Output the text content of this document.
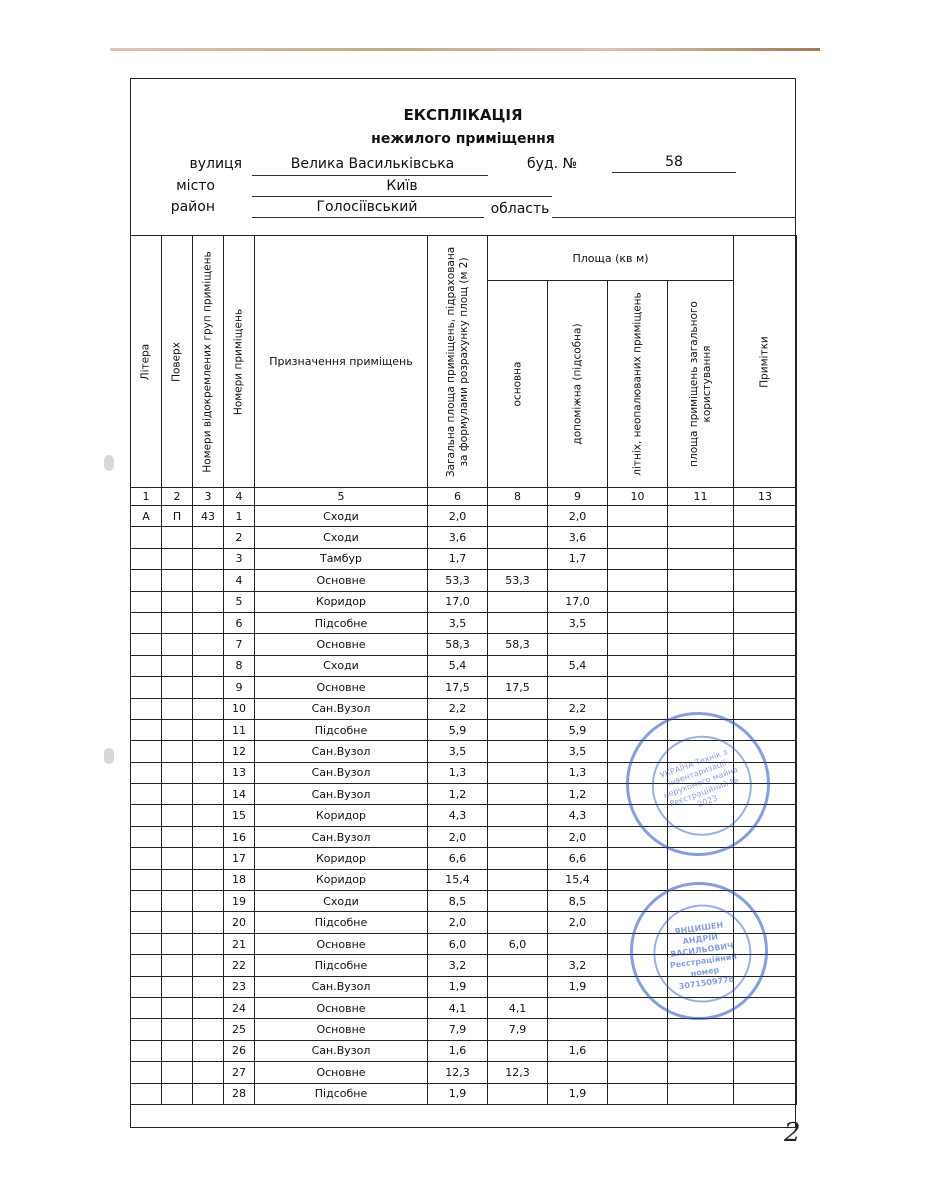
ЕКСПЛІКАЦІЯ
нежилого приміщення
вулиця	Велика Васильківська	буд. №	58
місто	Київ
район	Голосіївський	область
Літера	Поверх	Номери відокремлених груп приміщень	Номери приміщень	Призначення приміщень	Загальна площа приміщень, підрахована
за формулами розрахунку площ (м 2)	Площа (кв м)				Примітки

						основна	допоміжна (підсобна)	літніх, неопалюваних приміщень	площа приміщень загального
користування	

1	2	3	4	5	6	8	9	10	11	13
А	П	43	1	Сходи	2,0		2,0			
			2	Сходи	3,6		3,6			
			3	Тамбур	1,7		1,7			
			4	Основне	53,3	53,3				
			5	Коридор	17,0		17,0			
			6	Підсобне	3,5		3,5			
			7	Основне	58,3	58,3				
			8	Сходи	5,4		5,4			
			9	Основне	17,5	17,5				
			10	Сан.Вузол	2,2		2,2			
			11	Підсобне	5,9		5,9			
			12	Сан.Вузол	3,5		3,5			
			13	Сан.Вузол	1,3		1,3			
			14	Сан.Вузол	1,2		1,2			
			15	Коридор	4,3		4,3			
			16	Сан.Вузол	2,0		2,0			
			17	Коридор	6,6		6,6			
			18	Коридор	15,4		15,4			
			19	Сходи	8,5		8,5			
			20	Підсобне	2,0		2,0			
			21	Основне	6,0	6,0				
			22	Підсобне	3,2		3,2			
			23	Сан.Вузол	1,9		1,9			
			24	Основне	4,1	4,1				
			25	Основне	7,9	7,9				
			26	Сан.Вузол	1,6		1,6			
			27	Основне	12,3	12,3				
			28	Підсобне	1,9		1,9			
УКРАЇНА Технік з інвентаризації нерухомого майна Реєстраційний № 2023
ЯНЦИШЕН АНДРІЙ ВАСИЛЬОВИЧ Реєстраційний номер 3071509778
2
